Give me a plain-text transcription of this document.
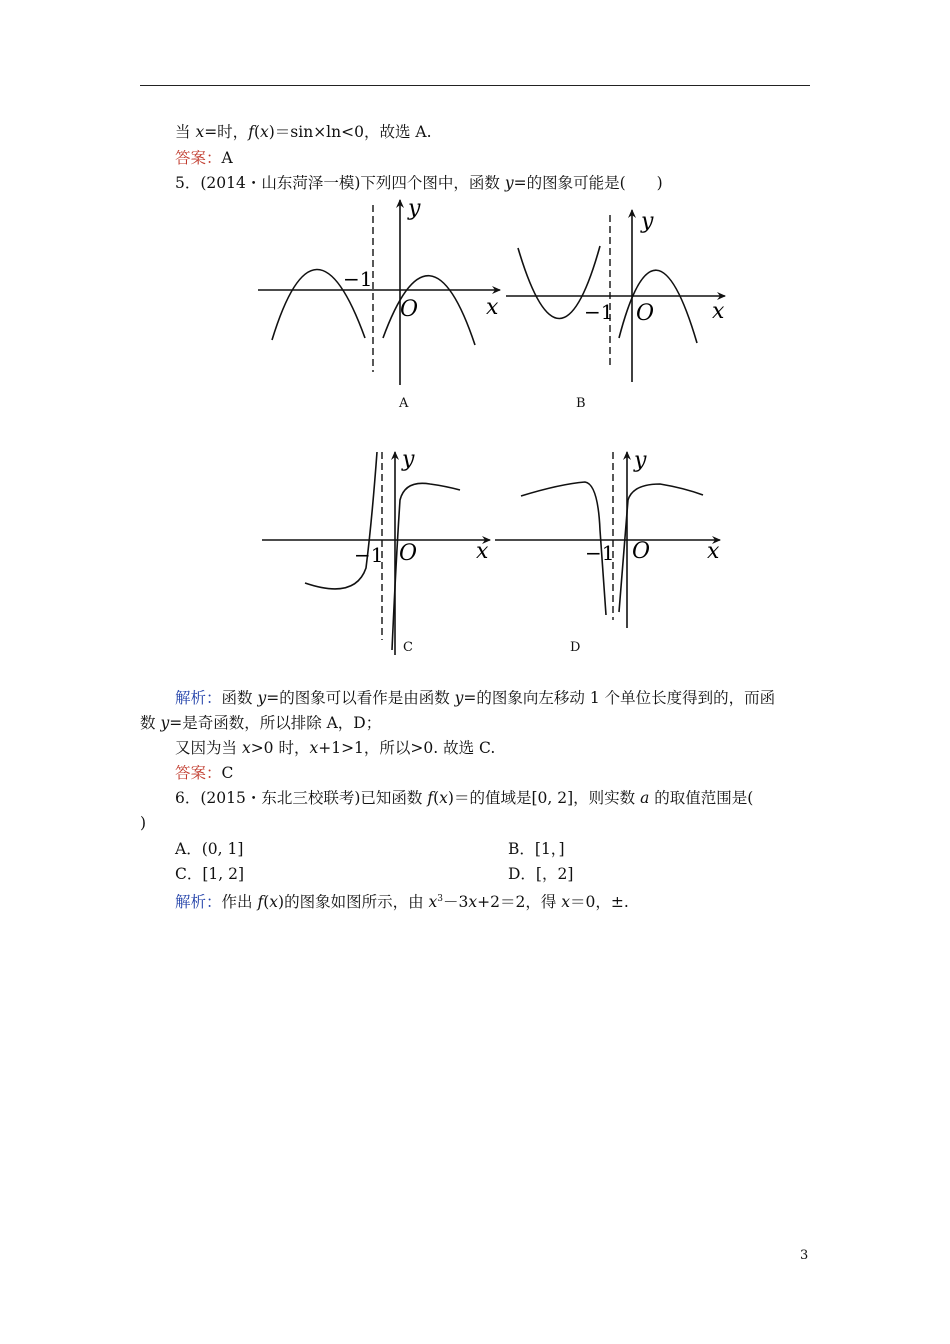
当 x=时，f(x)＝sin×ln<0，故选 A.
答案：A
5．(2014・山东菏泽一模)下列四个图中，函数 y=的图象可能是(　　)
−1
O	x
y
−1 O	x
y
−1 O	x
y
−1 O	x
y
A	B
C	D
解析：函数 y=的图象可以看作是由函数 y=的图象向左移动 1 个单位长度得到的，而函
数 y=是奇函数，所以排除 A，D；
又因为当 x>0 时，x+1>1，所以>0. 故选 C.
答案：C
6．(2015・东北三校联考)已知函数 f(x)＝的值域是[0, 2]，则实数 a 的取值范围是(
)
A．(0, 1]	B．[1，]
C．[1, 2]	D．[，2]
解析：作出 f(x)的图象如图所示，由 $x^3-3x+2=2$，得 x＝0，±.
3
